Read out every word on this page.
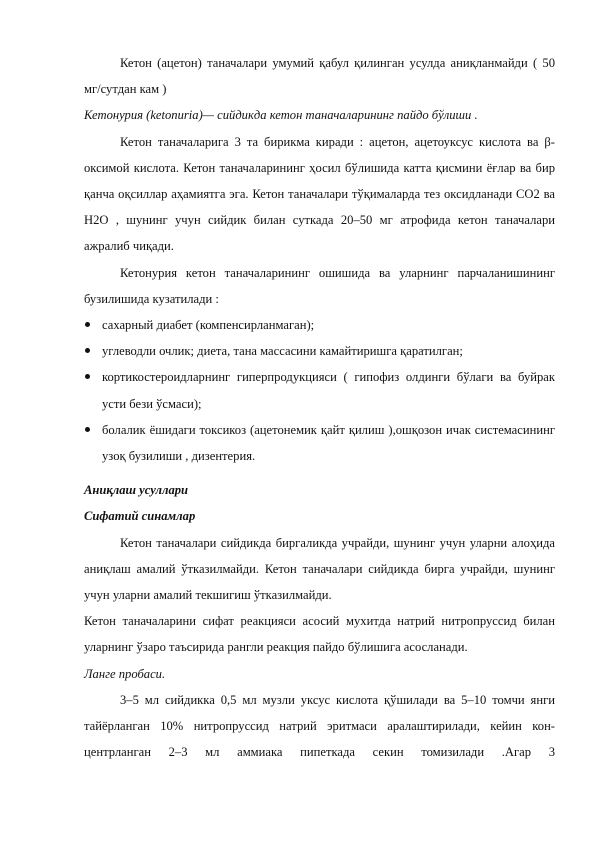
Кетон (ацетон) таначалари умумий қабул қилинган усулда аниқланмайди ( 50 мг/сутдан кам )

Кетонурия (ketonuria)— сийдикда кетон таначаларининг пайдо бўлиши .

Кетон таначаларига 3 та бирикма киради : ацетон, ацетоуксус кислота ва β-оксимой кислота. Кетон таначаларининг ҳосил бўлишида катта қисмини ёғлар ва бир қанча оқсиллар аҳамиятга эга. Кетон таначалари тўқималарда тез оксидланади CO2 ва H2O , шунинг учун сийдик билан суткада 20–50 мг атрофида кетон таначалари ажралиб чиқади.

Кетонурия кетон таначаларининг ошишида ва уларнинг парчаланишининг бузилишида кузатилади :

сахарный диабет (компенсирланмаган);
углеводли очлик; диета, тана массасини камайтиришга қаратилган;
кортикостероидларнинг гиперпродукцияси ( гипофиз олдинги бўлаги ва буйрак усти бези ўсмаси);
болалик ёшидаги токсикоз (ацетонемик қайт қилиш ),ошқозон ичак системасининг узоқ бузилиши , дизентерия.

Аниқлаш усуллари

Сифатий синамлар

Кетон таначалари сийдикда биргаликда учрайди, шунинг учун уларни алоҳида аниқлаш амалий ўтказилмайди. Кетон таначалари сийдикда бирга учрайди, шунинг учун уларни амалий текшигиш ўтказилмайди.

Кетон таначаларини сифат реакцияси асосий мухитда натрий нитропруссид билан уларнинг ўзаро таъсирида рангли реакция пайдо бўлишига асосланади.

Ланге пробаси.

3–5 мл сийдикка 0,5 мл музли уксус кислота қўшилади ва 5–10 томчи янги тайёрланган 10% нитропруссид натрий эритмаси аралаштирилади, кейин кон-центрланган 2–3 мл аммиака пипеткада секин томизилади .Агар 3
